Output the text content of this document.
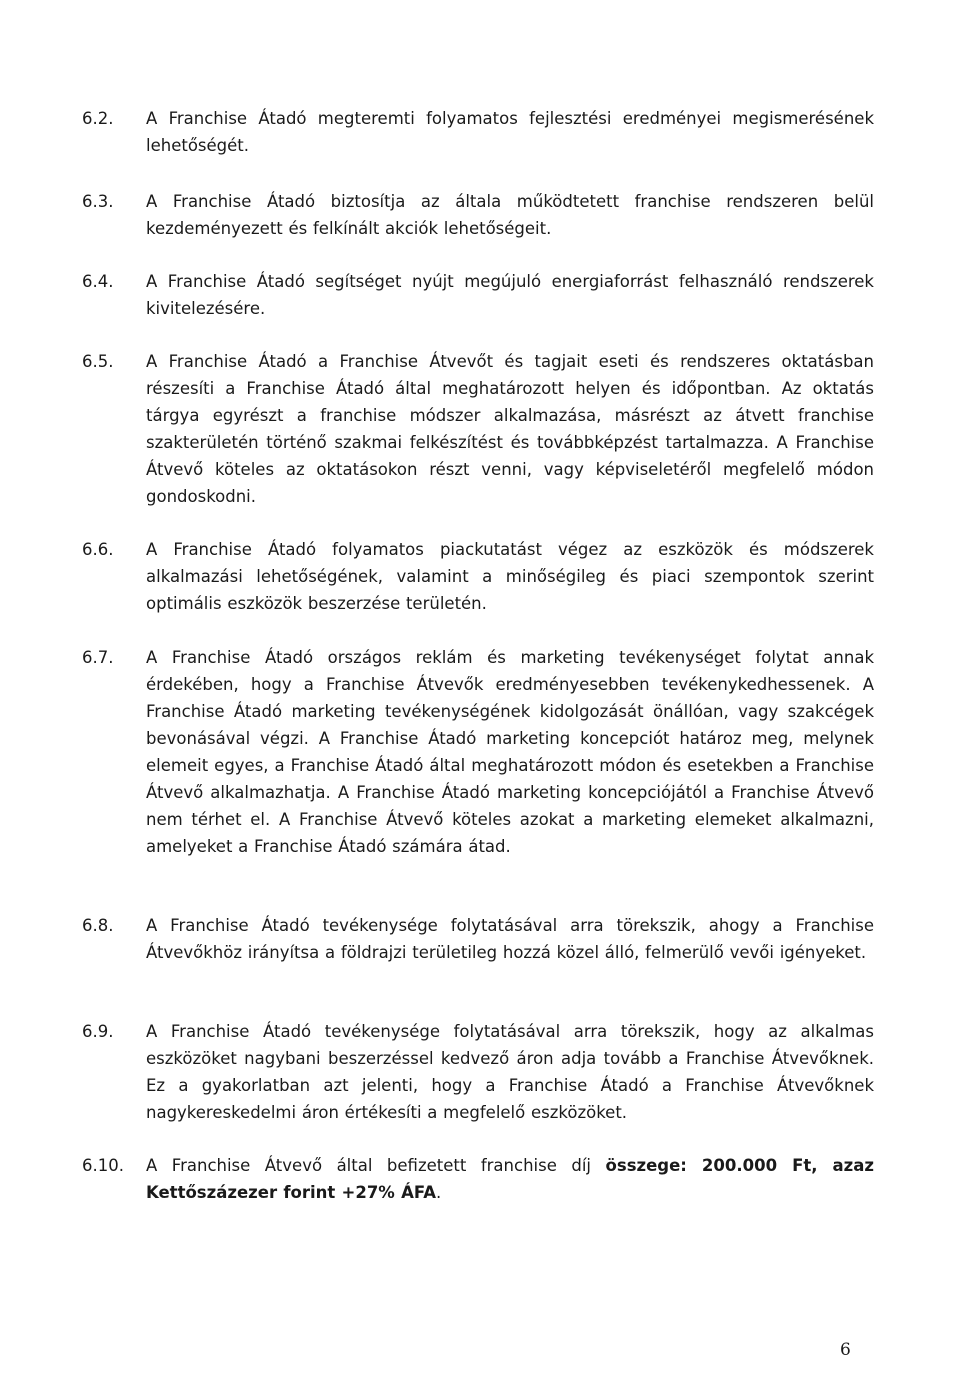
6.2.	A Franchise Átadó megteremti folyamatos fejlesztési eredményei megismerésének lehetőségét.
6.3.	A Franchise Átadó biztosítja az általa működtetett franchise rendszeren belül kezdeményezett és felkínált akciók lehetőségeit.
6.4.	A Franchise Átadó segítséget nyújt megújuló energiaforrást felhasználó rendszerek kivitelezésére.
6.5.	A Franchise Átadó a Franchise Átvevőt és tagjait eseti és rendszeres oktatásban részesíti a Franchise Átadó által meghatározott helyen és időpontban. Az oktatás tárgya egyrészt a franchise módszer alkalmazása, másrészt az átvett franchise szakterületén történő szakmai felkészítést és továbbképzést tartalmazza. A Franchise Átvevő köteles az oktatásokon részt venni, vagy képviseletéről megfelelő módon gondoskodni.
6.6.	A Franchise Átadó folyamatos piackutatást végez az eszközök és módszerek alkalmazási lehetőségének, valamint a minőségileg és piaci szempontok szerint optimális eszközök beszerzése területén.
6.7.	A Franchise Átadó országos reklám és marketing tevékenységet folytat annak érdekében, hogy a Franchise Átvevők eredményesebben tevékenykedhessenek. A Franchise Átadó marketing tevékenységének kidolgozását önállóan, vagy szakcégek bevonásával végzi. A Franchise Átadó marketing koncepciót határoz meg, melynek elemeit egyes, a Franchise Átadó által meghatározott módon és esetekben a Franchise Átvevő alkalmazhatja. A Franchise Átadó marketing koncepciójától a Franchise Átvevő nem térhet el. A Franchise Átvevő köteles azokat a marketing elemeket alkalmazni, amelyeket a Franchise Átadó számára átad.
6.8.	A Franchise Átadó tevékenysége folytatásával arra törekszik, ahogy a Franchise Átvevőkhöz irányítsa a földrajzi területileg hozzá közel álló, felmerülő vevői igényeket.
6.9.	A Franchise Átadó tevékenysége folytatásával arra törekszik, hogy az alkalmas eszközöket nagybani beszerzéssel kedvező áron adja tovább a Franchise Átvevőknek. Ez a gyakorlatban azt jelenti, hogy a Franchise Átadó a Franchise Átvevőknek nagykereskedelmi áron értékesíti a megfelelő eszközöket.
6.10.	A Franchise Átvevő által befizetett franchise díj összege: 200.000 Ft, azaz Kettőszázezer forint +27% ÁFA.
6
